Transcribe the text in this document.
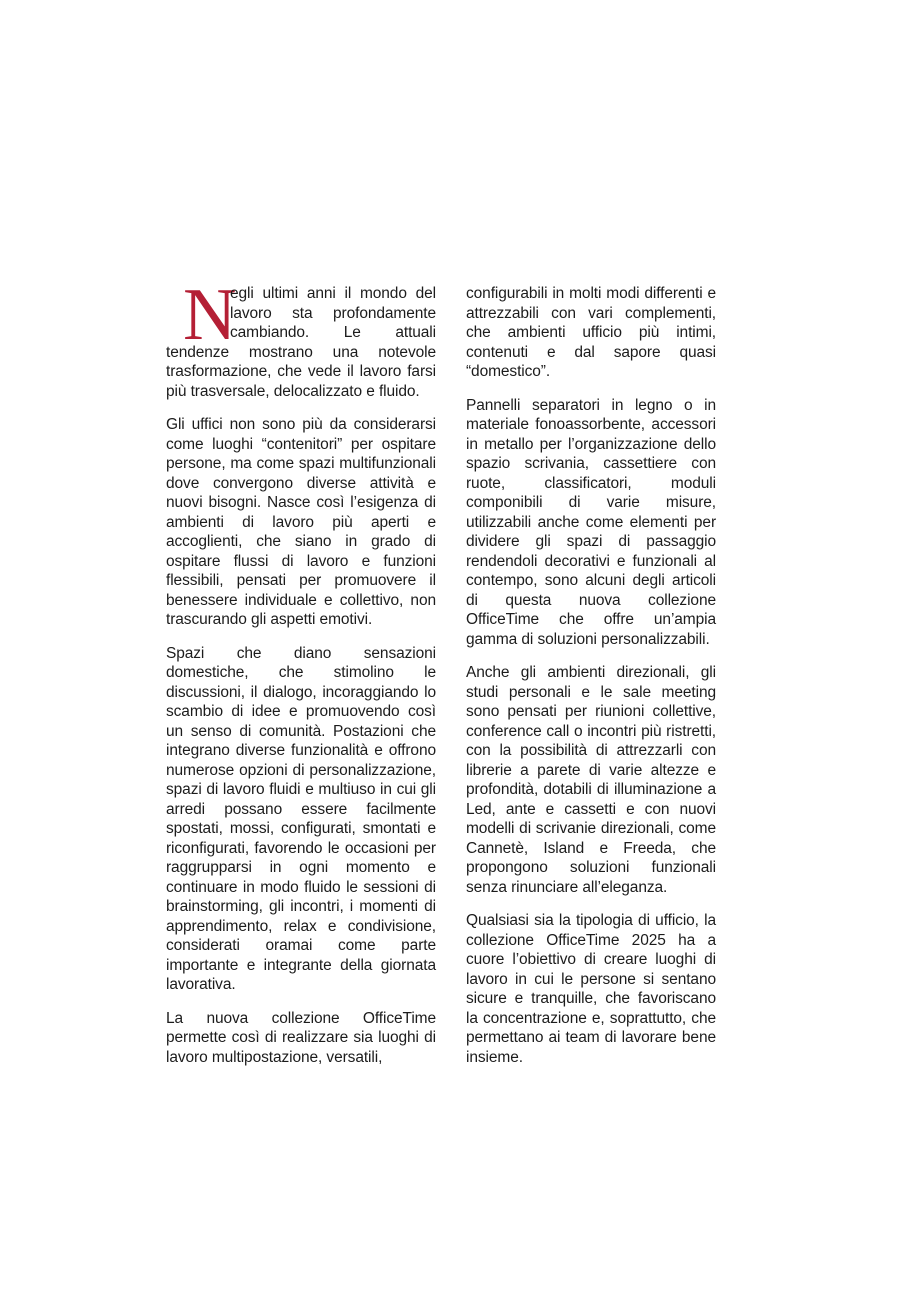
N
egli ultimi anni il mondo del lavoro sta profondamente cambiando. Le attuali tendenze mostrano una notevole trasformazione, che vede il lavoro farsi più trasversale, delocalizzato e fluido.

Gli uffici non sono più da considerarsi come luoghi “contenitori” per ospitare persone, ma come spazi multifunzionali dove convergono diverse attività e nuovi bisogni. Nasce così l’esigenza di ambienti di lavoro più aperti e accoglienti, che siano in grado di ospitare flussi di lavoro e funzioni flessibili, pensati per promuovere il benessere individuale e collettivo, non trascurando gli aspetti emotivi.

Spazi che diano sensazioni domestiche, che stimolino le discussioni, il dialogo, incoraggiando lo scambio di idee e promuovendo così un senso di comunità. Postazioni che integrano diverse funzionalità e offrono numerose opzioni di personalizzazione, spazi di lavoro fluidi e multiuso in cui gli arredi possano essere facilmente spostati, mossi, configurati, smontati e riconfigurati, favorendo le occasioni per raggrupparsi in ogni momento e continuare in modo fluido le sessioni di brainstorming, gli incontri, i momenti di apprendimento, relax e condivisione, considerati oramai come parte importante e integrante della giornata lavorativa.

La nuova collezione OfficeTime permette così di realizzare sia luoghi di lavoro multipostazione, versatili,

configurabili in molti modi differenti e attrezzabili con vari complementi, che ambienti ufficio più intimi, contenuti e dal sapore quasi “domestico”.

Pannelli separatori in legno o in materiale fonoassorbente, accessori in metallo per l’organizzazione dello spazio scrivania, cassettiere con ruote, classificatori, moduli componibili di varie misure, utilizzabili anche come elementi per dividere gli spazi di passaggio rendendoli decorativi e funzionali al contempo, sono alcuni degli articoli di questa nuova collezione OfficeTime che offre un’ampia gamma di soluzioni personalizzabili.

Anche gli ambienti direzionali, gli studi personali e le sale meeting sono pensati per riunioni collettive, conference call o incontri più ristretti, con la possibilità di attrezzarli con librerie a parete di varie altezze e profondità, dotabili di illuminazione a Led, ante e cassetti e con nuovi modelli di scrivanie direzionali, come Cannetè, Island e Freeda, che propongono soluzioni funzionali senza rinunciare all’eleganza.

Qualsiasi sia la tipologia di ufficio, la collezione OfficeTime 2025 ha a cuore l’obiettivo di creare luoghi di lavoro in cui le persone si sentano sicure e tranquille, che favoriscano la concentrazione e, soprattutto, che permettano ai team di lavorare bene insieme.
